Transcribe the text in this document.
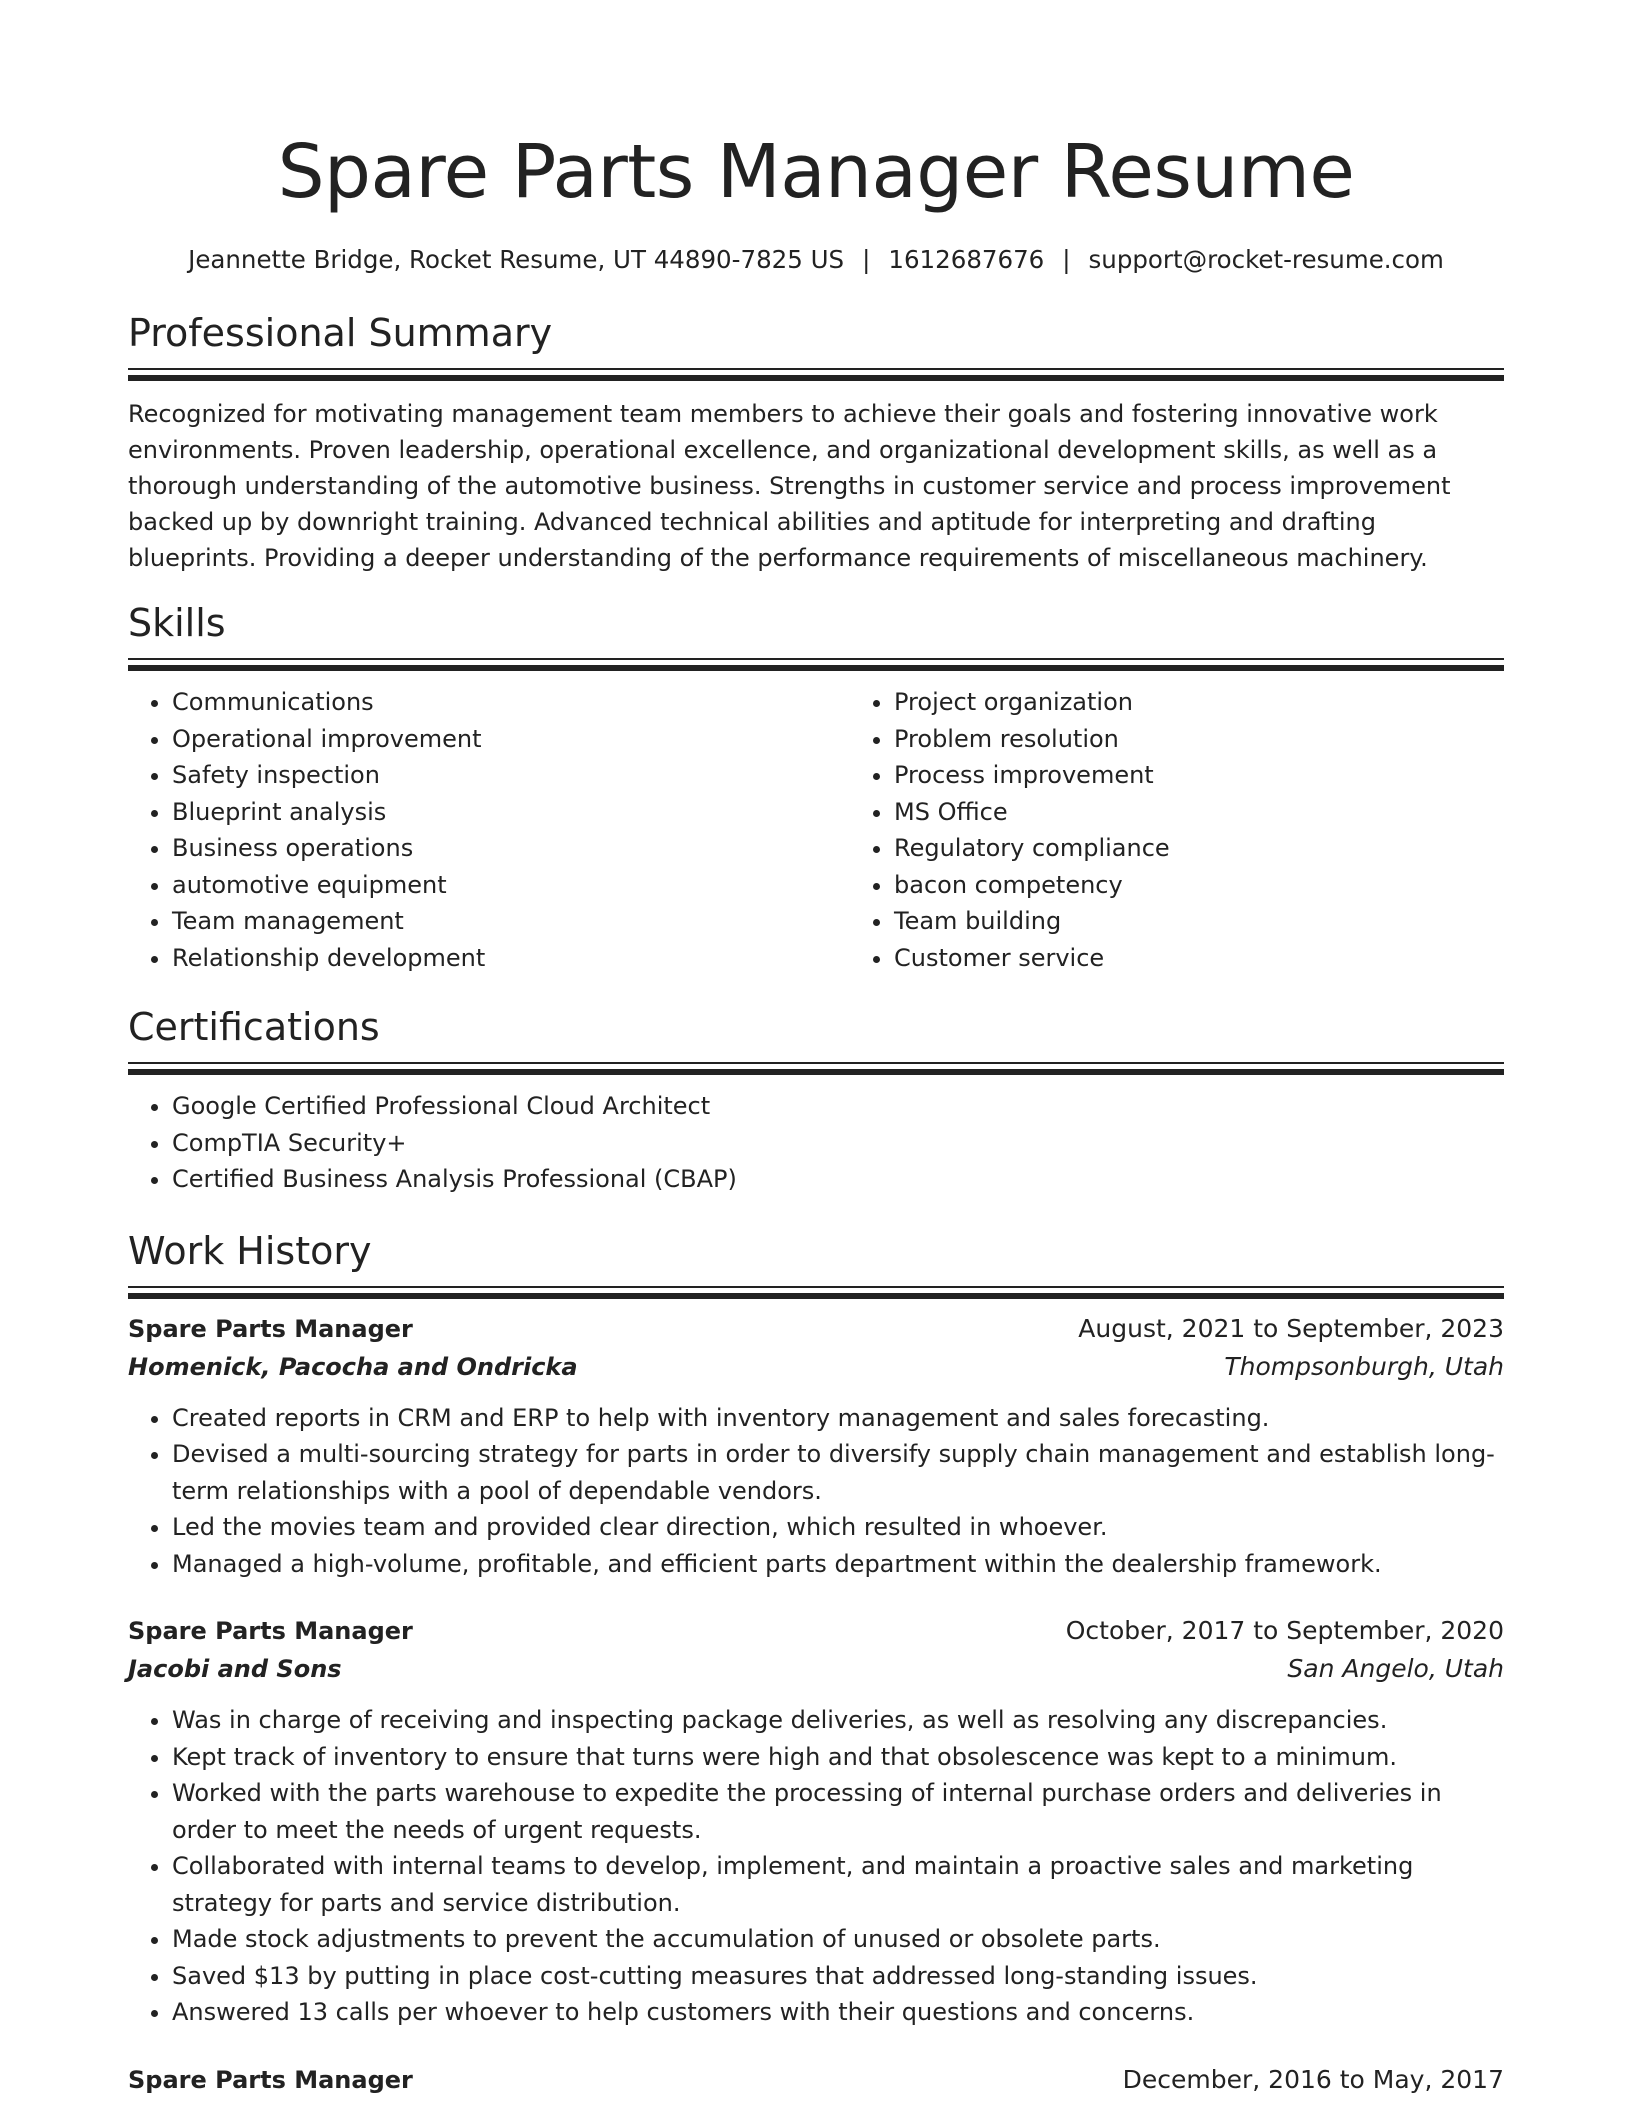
Spare Parts Manager Resume
Jeannette Bridge, Rocket Resume, UT 44890-7825 US | 1612687676 | support@rocket-resume.com
Professional Summary

Recognized for motivating management team members to achieve their goals and fostering innovative work environments. Proven leadership, operational excellence, and organizational development skills, as well as a thorough understanding of the automotive business. Strengths in customer service and process improvement backed up by downright training. Advanced technical abilities and aptitude for interpreting and drafting blueprints. Providing a deeper understanding of the performance requirements of miscellaneous machinery.

Skills
• Communications
• Operational improvement
• Safety inspection
• Blueprint analysis
• Business operations
• automotive equipment
• Team management
• Relationship development
• Project organization
• Problem resolution
• Process improvement
• MS Office
• Regulatory compliance
• bacon competency
• Team building
• Customer service
Certifications
• Google Certified Professional Cloud Architect
• CompTIA Security+
• Certified Business Analysis Professional (CBAP)
Work History
Spare Parts Manager	August, 2021 to September, 2023
Homenick, Pacocha and Ondricka	Thompsonburgh, Utah
• Created reports in CRM and ERP to help with inventory management and sales forecasting.
• Devised a multi-sourcing strategy for parts in order to diversify supply chain management and establish long-term relationships with a pool of dependable vendors.
• Led the movies team and provided clear direction, which resulted in whoever.
• Managed a high-volume, profitable, and efficient parts department within the dealership framework.
Spare Parts Manager	October, 2017 to September, 2020
Jacobi and Sons	San Angelo, Utah
• Was in charge of receiving and inspecting package deliveries, as well as resolving any discrepancies.
• Kept track of inventory to ensure that turns were high and that obsolescence was kept to a minimum.
• Worked with the parts warehouse to expedite the processing of internal purchase orders and deliveries in order to meet the needs of urgent requests.
• Collaborated with internal teams to develop, implement, and maintain a proactive sales and marketing strategy for parts and service distribution.
• Made stock adjustments to prevent the accumulation of unused or obsolete parts.
• Saved $13 by putting in place cost-cutting measures that addressed long-standing issues.
• Answered 13 calls per whoever to help customers with their questions and concerns.
Spare Parts Manager	December, 2016 to May, 2017
